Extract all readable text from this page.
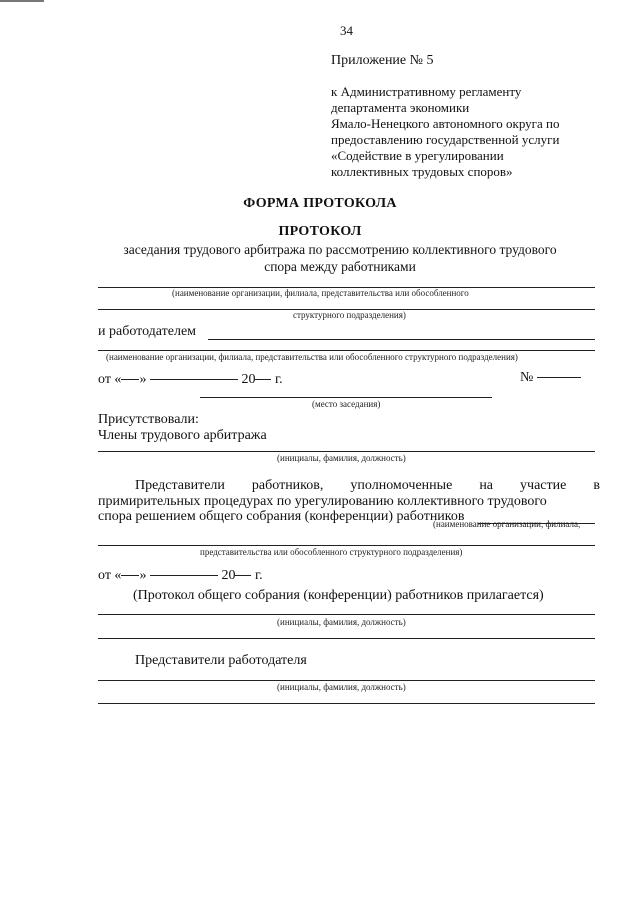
34
Приложение № 5
к Административному регламенту
департамента экономики
Ямало-Ненецкого автономного округа по
предоставлению государственной услуги
«Содействие в урегулировании
коллективных трудовых споров»
ФОРМА ПРОТОКОЛА
ПРОТОКОЛ
заседания трудового арбитража по рассмотрению коллективного трудового
спора между работниками
(наименование организации, филиала, представительства или обособленного
структурного подразделения)
и работодателем
(наименование организации, филиала, представительства или обособленного структурного подразделения)
от « »	20 г.	№
(место заседания)
Присутствовали:
Члены трудового арбитража
(инициалы, фамилия, должность)
Представители работников, уполномоченные на участие в
примирительных процедурах по урегулированию коллективного трудового
спора решением общего собрания (конференции) работников
(наименование организации, филиала,
представительства или обособленного структурного подразделения)
от « »	20 г.
(Протокол общего собрания (конференции) работников прилагается)
(инициалы, фамилия, должность)
Представители работодателя
(инициалы, фамилия, должность)
